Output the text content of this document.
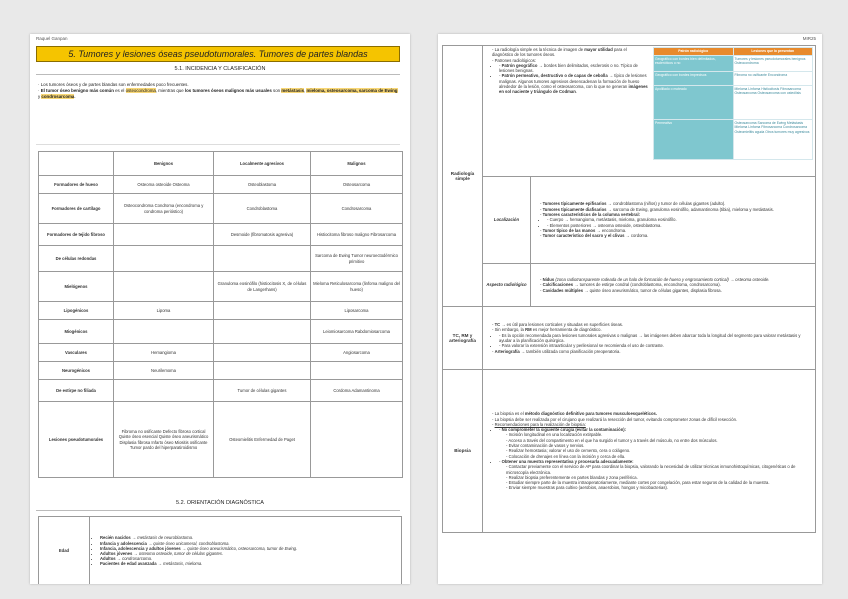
Raquel Ganpan
5. Tumores y lesiones óseas pseudotumorales. Tumores de partes blandas
5.1. INCIDENCIA Y CLASIFICACIÓN
· Los tumores óseos y de partes blandas son enfermedades poco frecuentes.
· El tumor óseo benigno más común es el osteocondroma, mientras que los tumores óseos malignos más usuales son metástasis, mieloma, osteosarcoma, sarcoma de Ewing y condrosarcoma.
	Benignos	Localmente agresivos	Malignos
Formadores de hueso	Osteoma osteoide Osteoma	Osteoblastoma	Osteosarcoma
Formadores de cartílago	Osteocondroma Condroma (encondroma y condroma perióstico)	Condroblastoma	Condrosarcoma
Formadores de tejido fibroso		Desmoide (fibromatosis agresiva)	Histiocitoma fibroso maligno Fibrosarcoma
De células redondas			Sarcoma de Ewing Tumor neuroectodérmico primitivo
Mielógenos		Granuloma eosinófilo (histiocitosis X, de células de Langerhans)	Mieloma Reticulosarcoma (linfoma maligno del hueso)
Lipogénicos	Lipoma		Liposarcoma
Miogénicos			Leiomiosarcoma Rabdomiosarcoma
Vasculares	Hemangioma		Angiosarcoma
Neurogénicos	Neurilemoma		
De estirpe no filiada		Tumor de células gigantes	Cordoma Adamantinoma
Lesiones pseudotumorales	Fibroma no osificante Defecto fibroso cortical Quiste óseo esencial Quiste óseo aneurismático Displasia fibrosa Infarto óseo Miositis osificante Tumor pardo del hiperparatiroidismo	Osteomielitis Enfermedad de Paget	
5.2. ORIENTACIÓN DIAGNÓSTICA
Edad	
• Recién nacidos → metástasis de neuroblastoma.
• Infancia y adolescencia → quiste óseo unicameral, condroblastoma.
• Infancia, adolescencia y adultos jóvenes → quiste óseo aneurismático, osteosarcoma, tumor de Ewing.
• Adultos jóvenes → osteoma osteoide, tumor de células gigantes.
• Adultos → condrosarcoma.
• Pacientes de edad avanzada → metástasis, mieloma.
MIR25
Radiología simple	
Patrón radiológico	Lesiones que lo presentan
Geográfico con bordes bien delimitados, escleróticos o no	Tumores y lesiones pseudotumorales benignos Osteocondroma
Geográfico con bordes imprecisos	Fibroma no osificante Encondroma
Apolillado o moteado	Mieloma Linfoma Histiocitosis Fibrosarcoma Osteosarcoma Osteosarcoma con osteólisis
Permeativo	Osteosarcoma Sarcoma de Ewing Metástasis Mieloma Linfoma Fibrosarcoma Condrosarcoma Osteomielitis aguda Otros tumores muy agresivos
- La radiología simple es la técnica de imagen de mayor utilidad para el diagnóstico de los tumores óseos.
- Patrones radiológicos:
- • Patrón geográfico → bordes bien delimitados, esclerosis o no. Típico de lesiones benignas.
- • Patrón permeativo, destructivo o de capas de cebolla → típico de lesiones malignas. Algunos tumores agresivos desencadenan la formación de hueso alrededor de la lesión, como el osteosarcoma, con lo que se generan imágenes en sol naciente y triángulo de Codman.

Localización	
- Tumores típicamente epifisarios → condroblastoma (niños) y tumor de células gigantes (adulto).
- Tumores típicamente diafisarios → sarcoma de Ewing, granuloma eosinófilo, adamantinoma (tibia), mieloma y metástasis.
- Tumores característicos de la columna vertebral:
- • Cuerpo → hemangioma, metástasis, mieloma, granuloma eosinófilo.
- • Elementos posteriores → osteoma osteoide, osteoblastoma.
- Tumor típico de las manos → encondroma.
- Tumor característico del sacro y el clivus → cordoma.

Aspecto radiológico	
- Nidus (zona radiotransparente rodeada de un halo de formación de hueso y engrosamiento cortical) → osteoma osteoide.
- Calcificaciones → tumores de estirpe condral (condroblastoma, encondroma, condrosarcoma).
- Cavidades múltiples → quiste óseo aneurismático, tumor de células gigantes, displasia fibrosa.

TC, RM y arteriografía	
- TC → es útil para lesiones corticales y situadas en superficies óseas.
- Sin embargo, la RM es mejor herramienta de diagnóstico.
- • Es la opción recomendada para lesiones tumorales agresivas o malignas → las imágenes deben abarcar toda la longitud del segmento para valorar metástasis y ayudar a la planificación quirúrgica.
- • Para valorar la extensión intraarticular y perilesional se recomienda el uso de contraste.
- Arteriografía → también utilizada como planificación preoperatoria.

Biopsia	
- La biopsia es el método diagnóstico definitivo para tumores musculoesqueléticos.
- La biopsia debe ser realizada por el cirujano que realizará la resección del tumor, evitando comprometer zonas de difícil resección.
- Recomendaciones para la realización de biopsia:
- • No comprometer la siguiente cirugía (evitar la contaminación):
- Incisión longitudinal en una localización extirpable.
- Acceso a través del compartimento en el que ha surgido el tumor y a través del músculo, no entre dos músculos.
- Evitar contaminación de vasos y nervios.
- Realizar hemostasia; valorar el uso de cemento, cera o colágeno.
- Colocación de drenajes en línea con la incisión y cerca de ella.
- • Obtener una muestra representativa y procesarla adecuadamente:
- Contactar previamente con el servicio de AP para coordinar la biopsia, valorando la necesidad de utilizar técnicas inmunohistoquímicas, citogenéticas o de microscopía electrónica.
- Realizar biopsia preferentemente en partes blandas y zona periférica.
- Estudiar siempre parte de la muestra intraoperatoriamente, mediante cortes por congelación, para estar seguros de la calidad de la muestra.
- Enviar siempre muestras para cultivo (aerobios, anaerobios, hongos y micobacterias).
